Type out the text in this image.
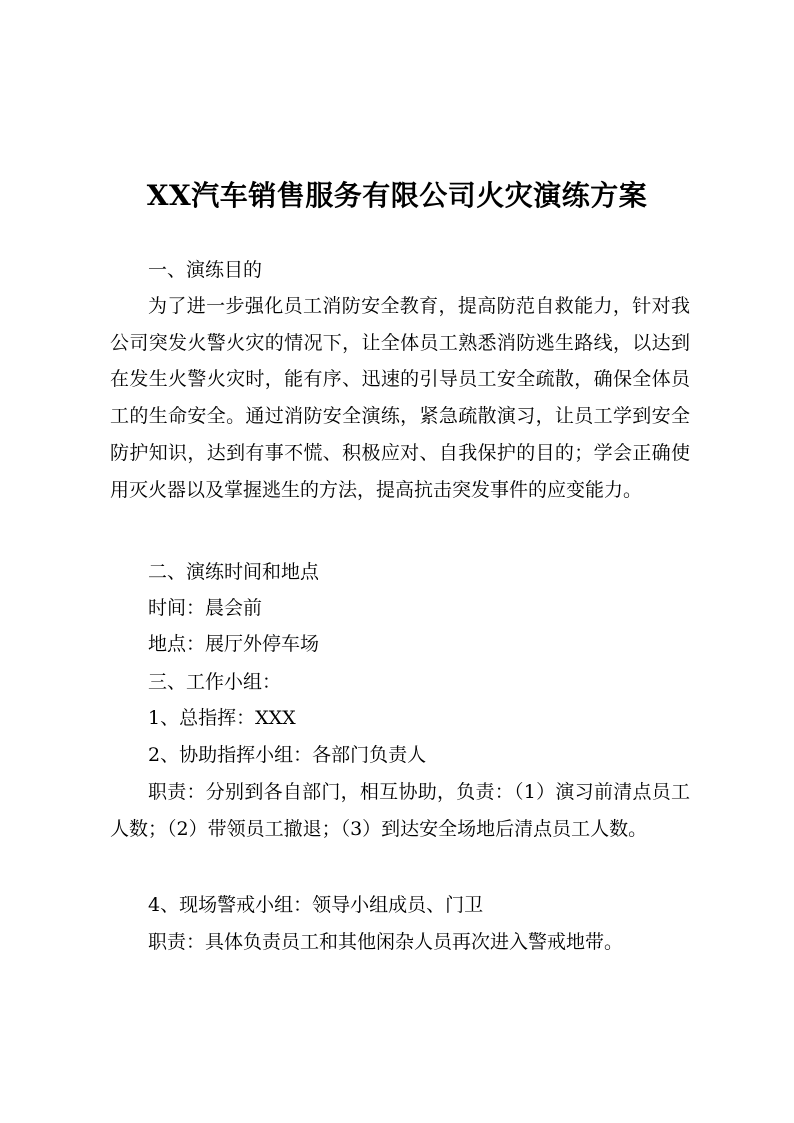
XX汽车销售服务有限公司火灾演练方案
一、演练目的
为了进一步强化员工消防安全教育，提高防范自救能力，针对我公司突发火警火灾的情况下，让全体员工熟悉消防逃生路线，以达到在发生火警火灾时，能有序、迅速的引导员工安全疏散，确保全体员工的生命安全。通过消防安全演练，紧急疏散演习，让员工学到安全防护知识，达到有事不慌、积极应对、自我保护的目的；学会正确使用灭火器以及掌握逃生的方法，提高抗击突发事件的应变能力。
二、演练时间和地点
时间：晨会前
地点：展厅外停车场
三、工作小组：
1、总指挥：XXX
2、协助指挥小组：各部门负责人
职责：分别到各自部门，相互协助，负责：（1）演习前清点员工人数；（2）带领员工撤退；（3）到达安全场地后清点员工人数。
4、现场警戒小组：领导小组成员、门卫
职责：具体负责员工和其他闲杂人员再次进入警戒地带。
